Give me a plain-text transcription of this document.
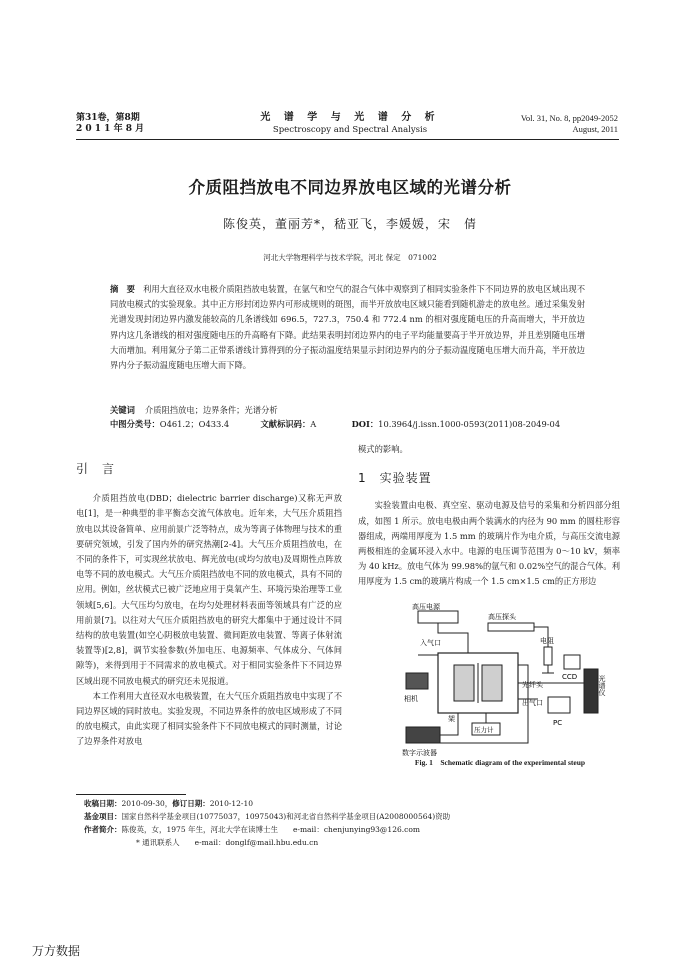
第31卷，第8期
2 0 1 1 年 8 月
光 谱 学 与 光 谱 分 析
Spectroscopy and Spectral Analysis
Vol. 31, No. 8, pp2049-2052
August, 2011
介质阻挡放电不同边界放电区域的光谱分析
陈俊英，董丽芳*，嵇亚飞，李媛媛，宋　倩
河北大学物理科学与技术学院，河北 保定　071002
摘　要 利用大直径双水电极介质阻挡放电装置，在氩气和空气的混合气体中观察到了相同实验条件下不同边界的放电区域出现不同放电模式的实验现象。其中正方形封闭边界内可形成规则的斑图，而半开放放电区域只能看到随机游走的放电丝。通过采集发射光谱发现封闭边界内激发能较高的几条谱线如 696.5，727.3，750.4 和 772.4 nm 的相对强度随电压的升高而增大，半开放边界内这几条谱线的相对强度随电压的升高略有下降。此结果表明封闭边界内的电子平均能量要高于半开放边界，并且差别随电压增大而增加。利用氮分子第二正带系谱线计算得到的分子振动温度结果显示封闭边界内的分子振动温度随电压增大而升高，半开放边界内分子振动温度随电压增大而下降。
关键词 介质阻挡放电；边界条件；光谱分析
中图分类号：O461.2；O433.4	文献标识码：A	DOI：10.3964/j.issn.1000-0593(2011)08-2049-04
引　言

介质阻挡放电(DBD；dielectric barrier discharge)又称无声放电[1]，是一种典型的非平衡态交流气体放电。近年来，大气压介质阻挡放电以其设备简单、应用前景广泛等特点，成为等离子体物理与技术的重要研究领域，引发了国内外的研究热潮[2-4]。大气压介质阻挡放电，在不同的条件下，可实现丝状放电、辉光放电(或均匀放电)及周期性点阵放电等不同的放电模式。大气压介质阻挡放电不同的放电模式，具有不同的应用。例如，丝状模式已被广泛地应用于臭氧产生、环境污染治理等工业领域[5,6]。大气压均匀放电，在均匀处理材料表面等领域具有广泛的应用前景[7]。以往对大气压介质阻挡放电的研究大都集中于通过设计不同结构的放电装置(如空心阴极放电装置、微间距放电装置、等离子体射流装置等)[2,8]，调节实验参数(外加电压、电源频率、气体成分、气体间隙等)，来得到用于不同需求的放电模式。对于相同实验条件下不同边界区域出现不同放电模式的研究还未见报道。

本工作利用大直径双水电极装置，在大气压介质阻挡放电中实现了不同边界区域的同时放电。实验发现，不同边界条件的放电区域形成了不同的放电模式，由此实现了相同实验条件下不同放电模式的同时测量，讨论了边界条件对放电

模式的影响。
1　实验装置

实验装置由电极、真空室、驱动电源及信号的采集和分析四部分组成，如图 1 所示。放电电极由两个装满水的内径为 90 mm 的圆柱形容器组成，两端用厚度为 1.5 mm 的玻璃片作为电介质，与高压交流电源两极相连的金属环浸入水中。电源的电压调节范围为 0～10 kV，频率为 40 kHz。放电气体为 99.98%的氩气和 0.02%空气的混合气体。利用厚度为 1.5 cm的玻璃片构成一个 1.5 cm×1.5 cm的正方形边

高压电源
高压探头
入气口	电阻
CCD
光纤头
出气口
光谱仪
相机
PC
压力计
架
数字示波器
Fig. 1　Schematic diagram of the experimental steup
收稿日期：2010-09-30，修订日期：2010-12-10
基金项目：国家自然科学基金项目(10775037，10975043)和河北省自然科学基金项目(A2008000564)资助
作者简介：陈俊英，女，1975 年生，河北大学在读博士生　　e-mail：chenjunying93@126.com
* 通讯联系人　　e-mail：donglf@mail.hbu.edu.cn
万方数据
